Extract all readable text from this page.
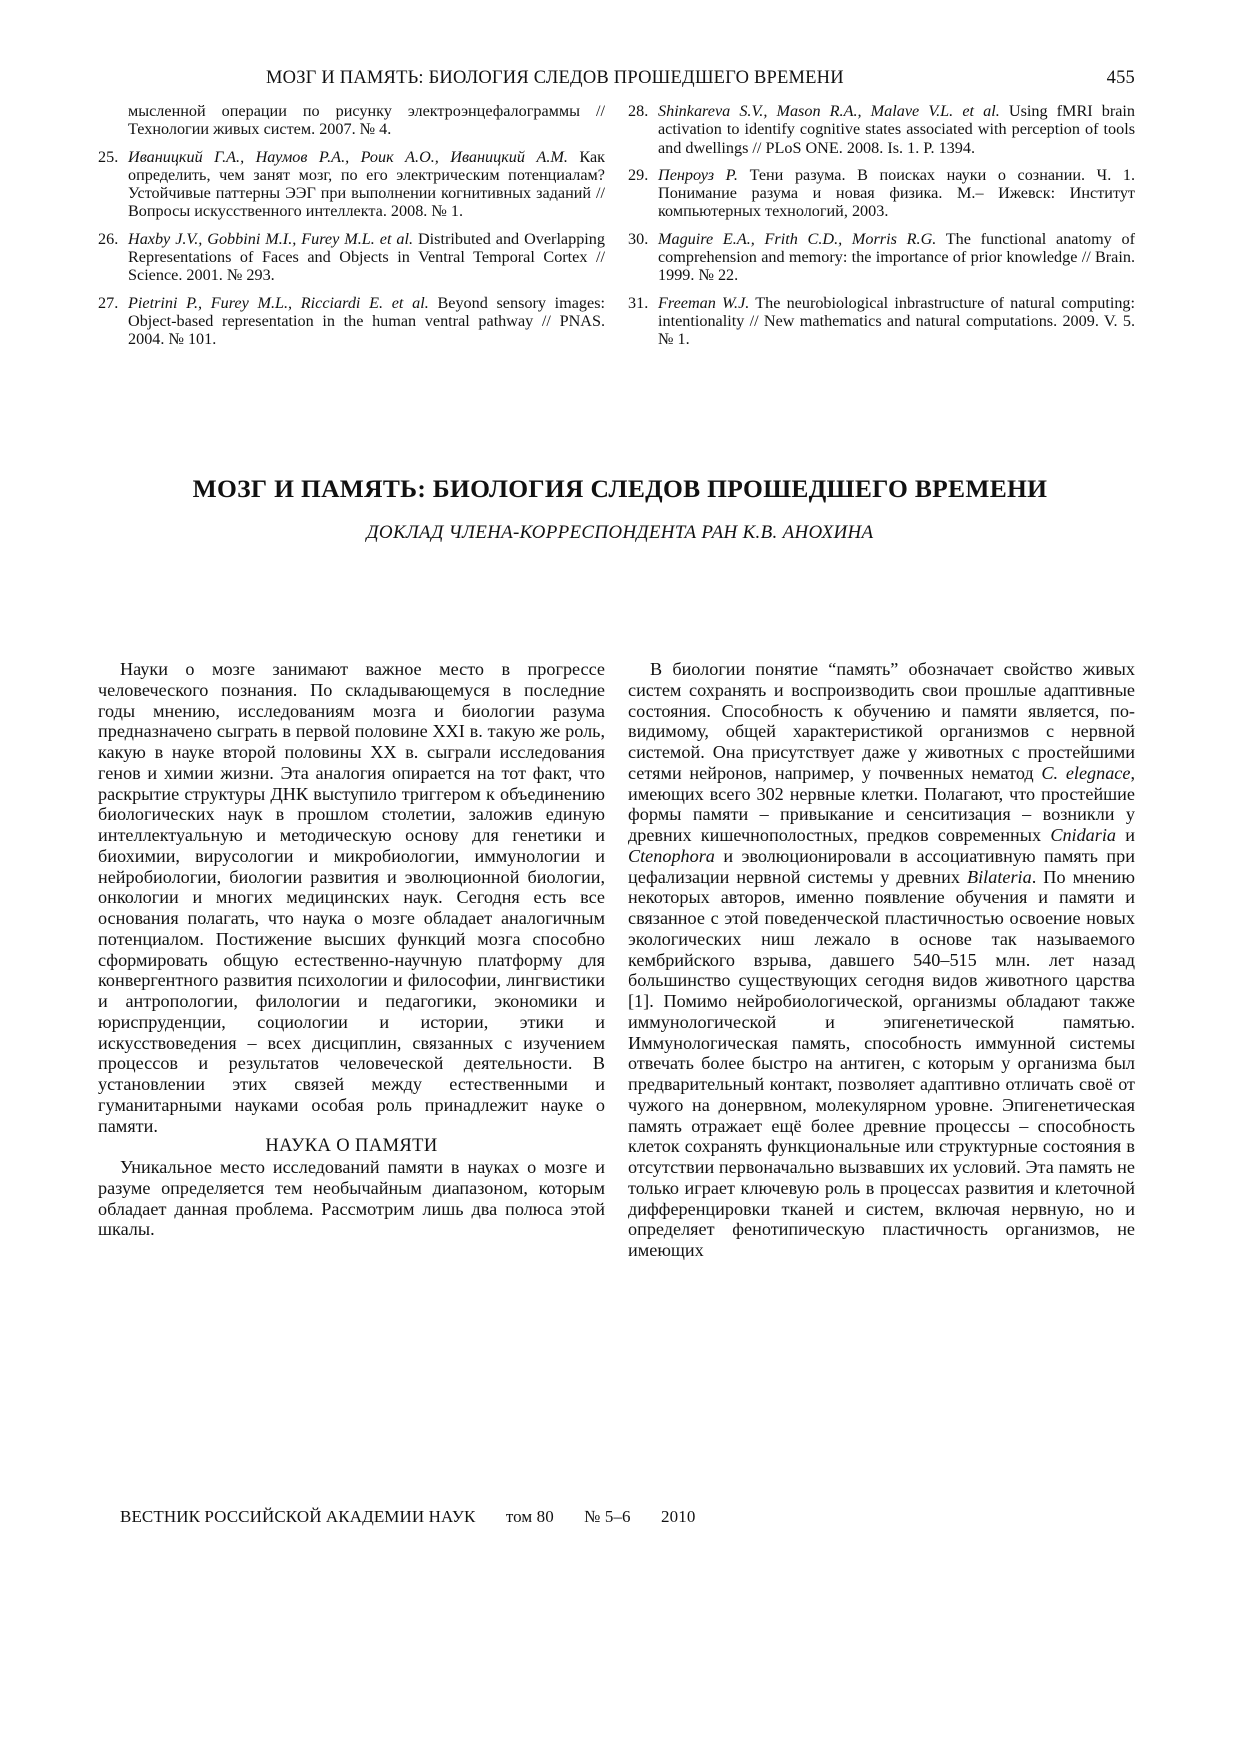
МОЗГ И ПАМЯТЬ: БИОЛОГИЯ СЛЕДОВ ПРОШЕДШЕГО ВРЕМЕНИ	455
мысленной операции по рисунку электроэнцефалограммы // Технологии живых систем. 2007. № 4.
25. Иваницкий Г.А., Наумов Р.А., Роик А.О., Иваницкий А.М. Как определить, чем занят мозг, по его электрическим потенциалам? Устойчивые паттерны ЭЭГ при выполнении когнитивных заданий // Вопросы искусственного интеллекта. 2008. № 1.
26. Haxby J.V., Gobbini M.I., Furey M.L. et al. Distributed and Overlapping Representations of Faces and Objects in Ventral Temporal Cortex // Science. 2001. № 293.
27. Pietrini P., Furey M.L., Ricciardi E. et al. Beyond sensory images: Object-based representation in the human ventral pathway // PNAS. 2004. № 101.
28. Shinkareva S.V., Mason R.A., Malave V.L. et al. Using fMRI brain activation to identify cognitive states associated with perception of tools and dwellings // PLoS ONE. 2008. Is. 1. P. 1394.
29. Пенроуз Р. Тени разума. В поисках науки о сознании. Ч. 1. Понимание разума и новая физика. М.– Ижевск: Институт компьютерных технологий, 2003.
30. Maguire E.A., Frith C.D., Morris R.G. The functional anatomy of comprehension and memory: the importance of prior knowledge // Brain. 1999. № 22.
31. Freeman W.J. The neurobiological inbrastructure of natural computing: intentionality // New mathematics and natural computations. 2009. V. 5. № 1.
МОЗГ И ПАМЯТЬ: БИОЛОГИЯ СЛЕДОВ ПРОШЕДШЕГО ВРЕМЕНИ
ДОКЛАД ЧЛЕНА-КОРРЕСПОНДЕНТА РАН К.В. АНОХИНА

Науки о мозге занимают важное место в прогрессе человеческого познания. По складывающемуся в последние годы мнению, исследованиям мозга и биологии разума предназначено сыграть в первой половине XXI в. такую же роль, какую в науке второй половины XX в. сыграли исследования генов и химии жизни. Эта аналогия опирается на тот факт, что раскрытие структуры ДНК выступило триггером к объединению биологических наук в прошлом столетии, заложив единую интеллектуальную и методическую основу для генетики и биохимии, вирусологии и микробиологии, иммунологии и нейробиологии, биологии развития и эволюционной биологии, онкологии и многих медицинских наук. Сегодня есть все основания полагать, что наука о мозге обладает аналогичным потенциалом. Постижение высших функций мозга способно сформировать общую естественно-научную платформу для конвергентного развития психологии и философии, лингвистики и антропологии, филологии и педагогики, экономики и юриспруденции, социологии и истории, этики и искусствоведения – всех дисциплин, связанных с изучением процессов и результатов человеческой деятельности. В установлении этих связей между естественными и гуманитарными науками особая роль принадлежит науке о памяти.

НАУКА О ПАМЯТИ

Уникальное место исследований памяти в науках о мозге и разуме определяется тем необычайным диапазоном, которым обладает данная проблема. Рассмотрим лишь два полюса этой шкалы.

В биологии понятие “память” обозначает свойство живых систем сохранять и воспроизводить свои прошлые адаптивные состояния. Способность к обучению и памяти является, по-видимому, общей характеристикой организмов с нервной системой. Она присутствует даже у животных с простейшими сетями нейронов, например, у почвенных нематод C. elegnace, имеющих всего 302 нервные клетки. Полагают, что простейшие формы памяти – привыкание и сенситизация – возникли у древних кишечнополостных, предков современных Cnidaria и Ctenophora и эволюционировали в ассоциативную память при цефализации нервной системы у древних Bilateria. По мнению некоторых авторов, именно появление обучения и памяти и связанное с этой поведенческой пластичностью освоение новых экологических ниш лежало в основе так называемого кембрийского взрыва, давшего 540–515 млн. лет назад большинство существующих сегодня видов животного царства [1]. Помимо нейробиологической, организмы обладают также иммунологической и эпигенетической памятью. Иммунологическая память, способность иммунной системы отвечать более быстро на антиген, с которым у организма был предварительный контакт, позволяет адаптивно отличать своё от чужого на донервном, молекулярном уровне. Эпигенетическая память отражает ещё более древние процессы – способность клеток сохранять функциональные или структурные состояния в отсутствии первоначально вызвавших их условий. Эта память не только играет ключевую роль в процессах развития и клеточной дифференцировки тканей и систем, включая нервную, но и определяет фенотипическую пластичность организмов, не имеющих

ВЕСТНИК РОССИЙСКОЙ АКАДЕМИИ НАУК том 80 № 5–6 2010
